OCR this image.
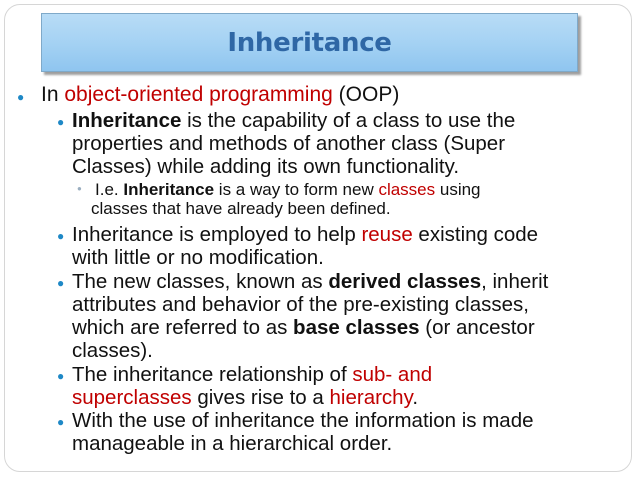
Inheritance
● In object-oriented programming (OOP)
● Inheritance is the capability of a class to use the
properties and methods of another class (Super
Classes) while adding its own functionality.
● I.e. Inheritance is a way to form new classes using
classes that have already been defined.
● Inheritance is employed to help reuse existing code
with little or no modification.
● The new classes, known as derived classes, inherit
attributes and behavior of the pre-existing classes,
which are referred to as base classes (or ancestor
classes).
● The inheritance relationship of sub- and
superclasses gives rise to a hierarchy.
● With the use of inheritance the information is made
manageable in a hierarchical order.
